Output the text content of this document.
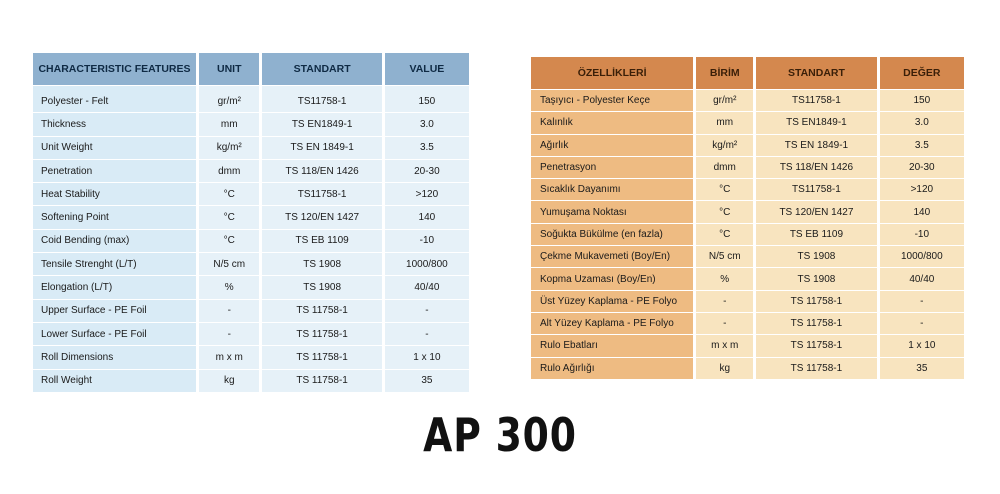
CHARACTERISTIC FEATURES	UNIT	STANDART	VALUE
Polyester - Felt	gr/m²	TS11758-1	150
Thickness	mm	TS EN1849-1	3.0
Unit Weight	kg/m²	TS EN 1849-1	3.5
Penetration	dmm	TS 118/EN 1426	20-30
Heat Stability	°C	TS11758-1	>120
Softening Point	°C	TS 120/EN 1427	140
Coid Bending (max)	°C	TS EB 1109	-10
Tensile Strenght (L/T)	N/5 cm	TS 1908	1000/800
Elongation (L/T)	%	TS 1908	40/40
Upper Surface - PE Foil	-	TS 11758-1	-
Lower Surface - PE Foil	-	TS 11758-1	-
Roll Dimensions	m x m	TS 11758-1	1 x 10
Roll Weight	kg	TS 11758-1	35
ÖZELLİKLERİ	BİRİM	STANDART	DEĞER
Taşıyıcı - Polyester Keçe	gr/m²	TS11758-1	150
Kalınlık	mm	TS EN1849-1	3.0
Ağırlık	kg/m²	TS EN 1849-1	3.5
Penetrasyon	dmm	TS 118/EN 1426	20-30
Sıcaklık Dayanımı	°C	TS11758-1	>120
Yumuşama Noktası	°C	TS 120/EN 1427	140
Soğukta Bükülme (en fazla)	°C	TS EB 1109	-10
Çekme Mukavemeti (Boy/En)	N/5 cm	TS 1908	1000/800
Kopma Uzaması (Boy/En)	%	TS 1908	40/40
Üst Yüzey Kaplama - PE Folyo	-	TS 11758-1	-
Alt Yüzey Kaplama - PE Folyo	-	TS 11758-1	-
Rulo Ebatları	m x m	TS 11758-1	1 x 10
Rulo Ağırlığı	kg	TS 11758-1	35
AP 300
